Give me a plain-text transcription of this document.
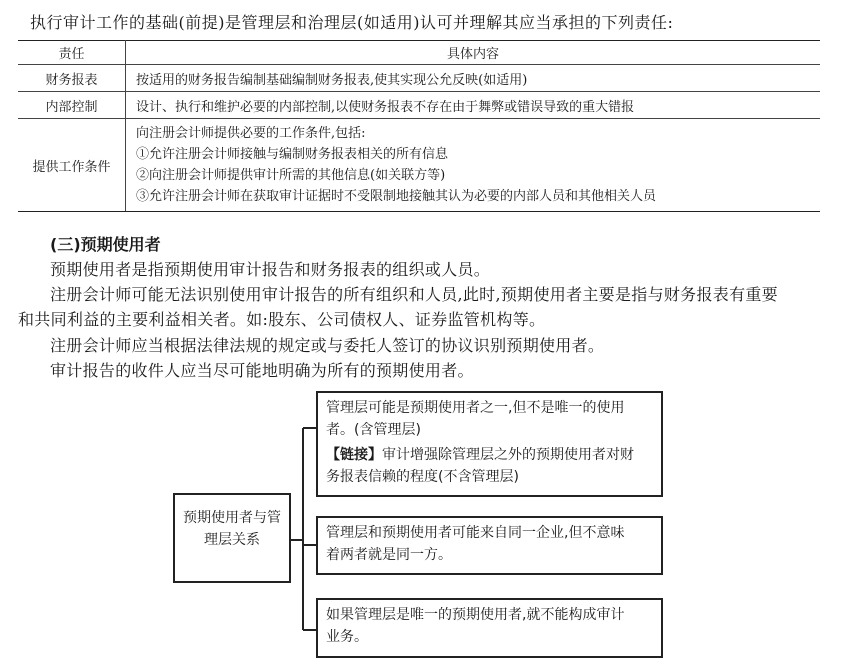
执行审计工作的基础(前提)是管理层和治理层(如适用)认可并理解其应当承担的下列责任:
责任	具体内容
财务报表	按适用的财务报告编制基础编制财务报表,使其实现公允反映(如适用)
内部控制	设计、执行和维护必要的内部控制,以使财务报表不存在由于舞弊或错误导致的重大错报
提供工作条件	向注册会计师提供必要的工作条件,包括:
①允许注册会计师接触与编制财务报表相关的所有信息
②向注册会计师提供审计所需的其他信息(如关联方等)
③允许注册会计师在获取审计证据时不受限制地接触其认为必要的内部人员和其他相关人员
(三)预期使用者
预期使用者是指预期使用审计报告和财务报表的组织或人员。
注册会计师可能无法识别使用审计报告的所有组织和人员,此时,预期使用者主要是指与财务报表有重要
和共同利益的主要利益相关者。如:股东、公司债权人、证券监管机构等。
注册会计师应当根据法律法规的规定或与委托人签订的协议识别预期使用者。
审计报告的收件人应当尽可能地明确为所有的预期使用者。
预期使用者与管理层关系
管理层可能是预期使用者之一,但不是唯一的使用
者。(含管理层)
【链接】审计增强除管理层之外的预期使用者对财
务报表信赖的程度(不含管理层)
管理层和预期使用者可能来自同一企业,但不意味
着两者就是同一方。
如果管理层是唯一的预期使用者,就不能构成审计
业务。
